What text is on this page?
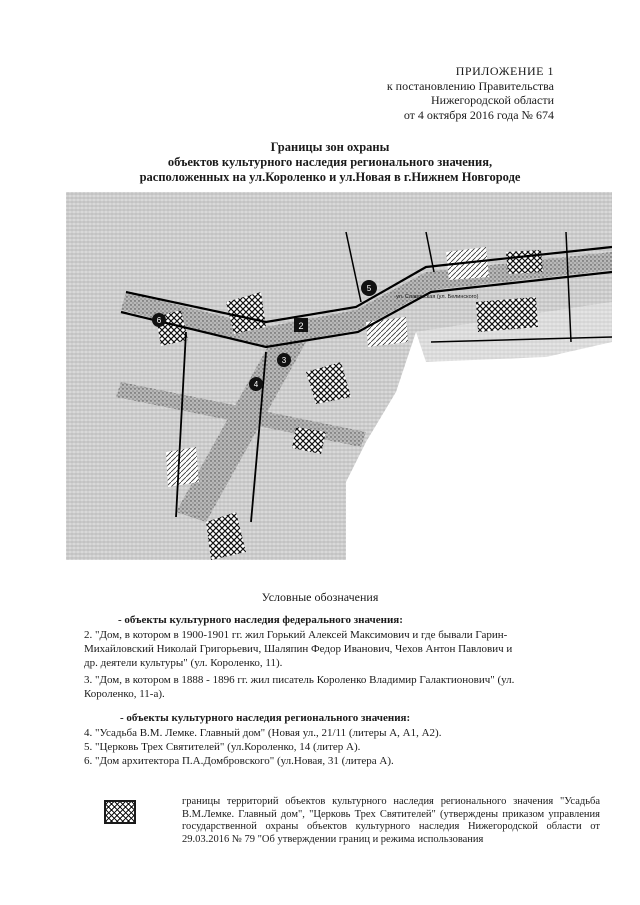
ПРИЛОЖЕНИЕ 1
к постановлению Правительства
Нижегородской области
от 4 октября 2016 года № 674
Границы зон охраны
объектов культурного наследия регионального значения,
расположенных на ул.Короленко и ул.Новая в г.Нижнем Новгороде
2
3
4
5
6
ул. Славянская (ул. Белинского)
Условные обозначения
- объекты культурного наследия федерального значения:
2. "Дом, в котором в 1900-1901 гг. жил Горький Алексей Максимович и где бывали Гарин-
Михайловский Николай Григорьевич, Шаляпин Федор Иванович, Чехов Антон Павлович и
др. деятели культуры" (ул. Короленко, 11).
3. "Дом, в котором в 1888 - 1896 гг. жил писатель Короленко Владимир Галактионович" (ул.
Короленко, 11-а).
- объекты культурного наследия регионального значения:
4. "Усадьба В.М. Лемке. Главный дом" (Новая ул., 21/11 (литеры А, А1, А2).
5. "Церковь Трех Святителей" (ул.Короленко, 14 (литер А).
6. "Дом архитектора П.А.Домбровского" (ул.Новая, 31 (литера А).
границы территорий объектов культурного наследия регионального значения "Усадьба В.М.Лемке. Главный дом", "Церковь Трех Святителей" (утверждены приказом управления государственной охраны объектов культурного наследия Нижегородской области от 29.03.2016 № 79 "Об утверждении границ и режима использования
